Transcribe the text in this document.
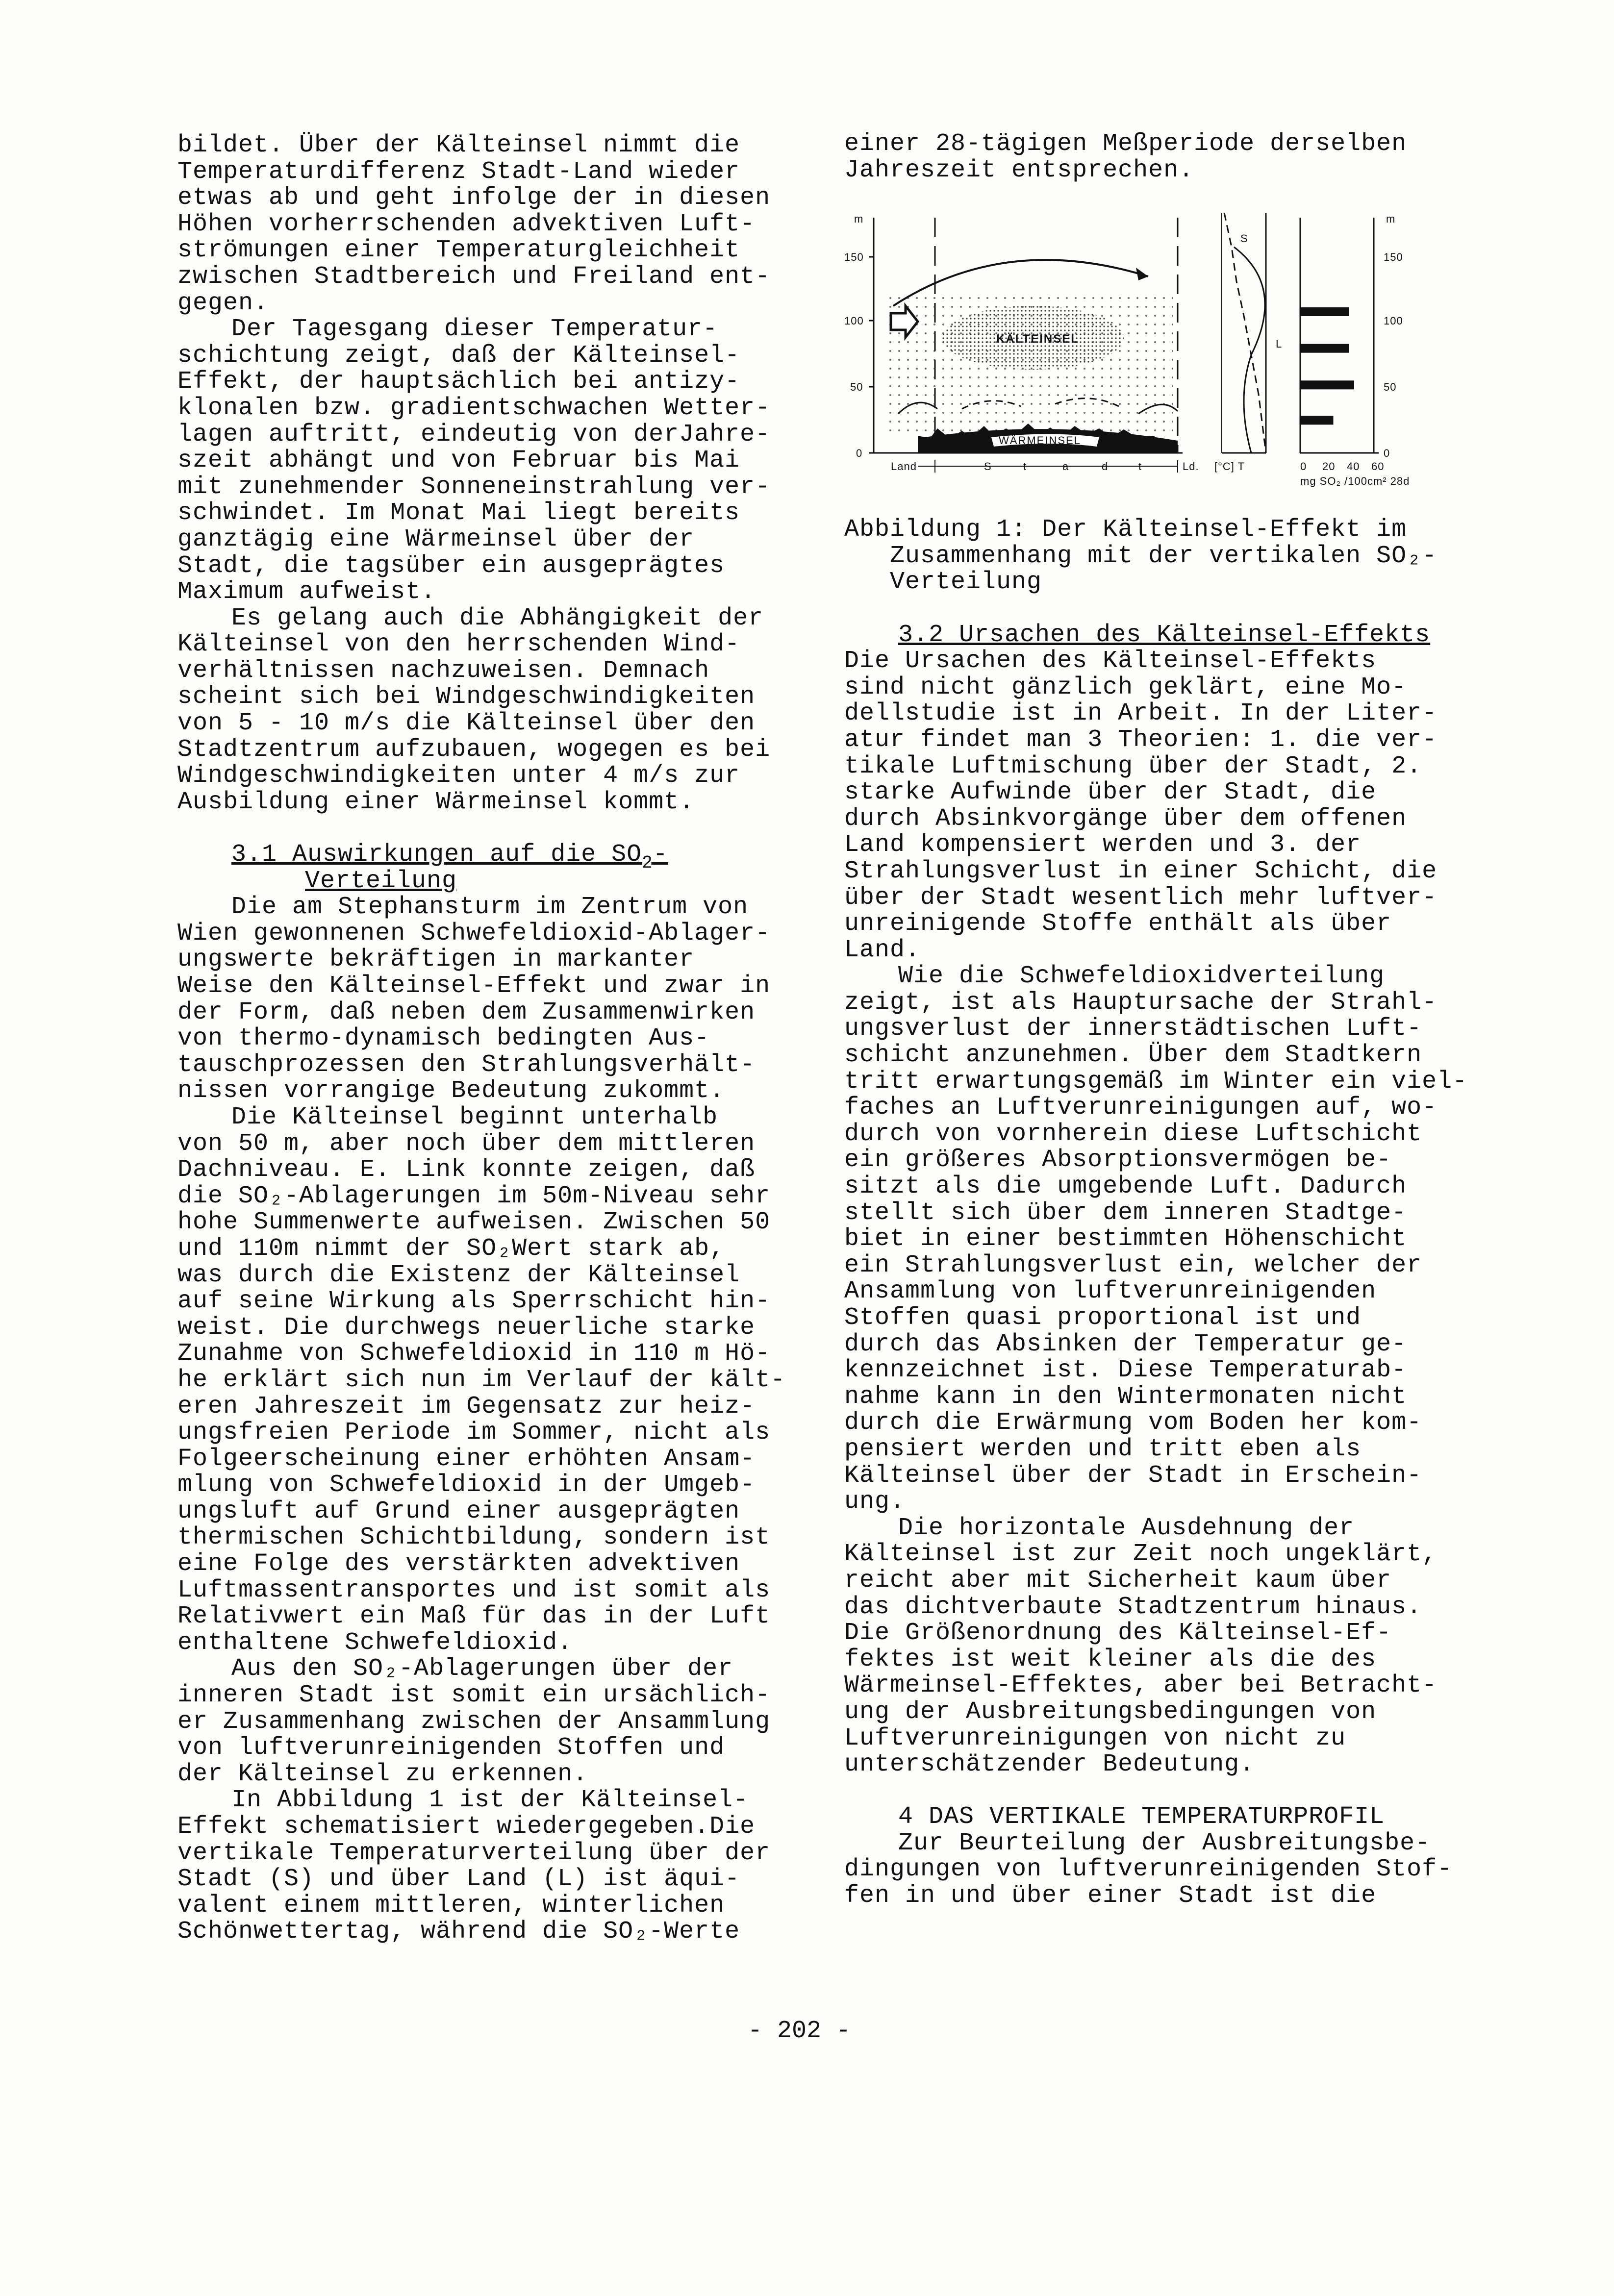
bildet. Über der Kälteinsel nimmt die

Temperaturdifferenz Stadt-Land wieder

etwas ab und geht infolge der in diesen

Höhen vorherrschenden advektiven Luft-

strömungen einer Temperaturgleichheit

zwischen Stadtbereich und Freiland ent-

gegen.

Der Tagesgang dieser Temperatur-

schichtung zeigt, daß der Kälteinsel-

Effekt, der hauptsächlich bei antizy-

klonalen bzw. gradientschwachen Wetter-

lagen auftritt, eindeutig von derJahre-

szeit abhängt und von Februar bis Mai

mit zunehmender Sonneneinstrahlung ver-

schwindet. Im Monat Mai liegt bereits

ganztägig eine Wärmeinsel über der

Stadt, die tagsüber ein ausgeprägtes

Maximum aufweist.

Es gelang auch die Abhängigkeit der

Kälteinsel von den herrschenden Wind-

verhältnissen nachzuweisen. Demnach

scheint sich bei Windgeschwindigkeiten

von 5 - 10 m/s die Kälteinsel über den

Stadtzentrum aufzubauen, wogegen es bei

Windgeschwindigkeiten unter 4 m/s zur

Ausbildung einer Wärmeinsel kommt.

3.1 Auswirkungen auf die $SO_2-$

Verteilung

Die am Stephansturm im Zentrum von

Wien gewonnenen Schwefeldioxid-Ablager-

ungswerte bekräftigen in markanter

Weise den Kälteinsel-Effekt und zwar in

der Form, daß neben dem Zusammenwirken

von thermo-dynamisch bedingten Aus-

tauschprozessen den Strahlungsverhält-

nissen vorrangige Bedeutung zukommt.

Die Kälteinsel beginnt unterhalb

von 50 m, aber noch über dem mittleren

Dachniveau. E. Link konnte zeigen, daß

die SO₂-Ablagerungen im 50m-Niveau sehr

hohe Summenwerte aufweisen. Zwischen 50

und 110m nimmt der SO₂Wert stark ab,

was durch die Existenz der Kälteinsel

auf seine Wirkung als Sperrschicht hin-

weist. Die durchwegs neuerliche starke

Zunahme von Schwefeldioxid in 110 m Hö-

he erklärt sich nun im Verlauf der kält-

eren Jahreszeit im Gegensatz zur heiz-

ungsfreien Periode im Sommer, nicht als

Folgeerscheinung einer erhöhten Ansam-

mlung von Schwefeldioxid in der Umgeb-

ungsluft auf Grund einer ausgeprägten

thermischen Schichtbildung, sondern ist

eine Folge des verstärkten advektiven

Luftmassentransportes und ist somit als

Relativwert ein Maß für das in der Luft

enthaltene Schwefeldioxid.

Aus den SO₂-Ablagerungen über der

inneren Stadt ist somit ein ursächlich-

er Zusammenhang zwischen der Ansammlung

von luftverunreinigenden Stoffen und

der Kälteinsel zu erkennen.

In Abbildung 1 ist der Kälteinsel-

Effekt schematisiert wiedergegeben.Die

vertikale Temperaturverteilung über der

Stadt (S) und über Land (L) ist äqui-

valent einem mittleren, winterlichen

Schönwettertag, während die SO₂-Werte

einer 28-tägigen Meßperiode derselben

Jahreszeit entsprechen.

m
150
100
50
0
KÄLTEINSEL
WÄRMEINSEL
Land	S	t	a	d	t	Ld.
S
L
[°C] T
m
150
100
50
0
0 20 40 60
mg SO₂ /100cm² 28d

Abbildung 1: Der Kälteinsel-Effekt im

Zusammenhang mit der vertikalen SO₂-

Verteilung

3.2 Ursachen des Kälteinsel-Effekts

Die Ursachen des Kälteinsel-Effekts

sind nicht gänzlich geklärt, eine Mo-

dellstudie ist in Arbeit. In der Liter-

atur findet man 3 Theorien: 1. die ver-

tikale Luftmischung über der Stadt, 2.

starke Aufwinde über der Stadt, die

durch Absinkvorgänge über dem offenen

Land kompensiert werden und 3. der

Strahlungsverlust in einer Schicht, die

über der Stadt wesentlich mehr luftver-

unreinigende Stoffe enthält als über

Land.

Wie die Schwefeldioxidverteilung

zeigt, ist als Hauptursache der Strahl-

ungsverlust der innerstädtischen Luft-

schicht anzunehmen. Über dem Stadtkern

tritt erwartungsgemäß im Winter ein viel-

faches an Luftverunreinigungen auf, wo-

durch von vornherein diese Luftschicht

ein größeres Absorptionsvermögen be-

sitzt als die umgebende Luft. Dadurch

stellt sich über dem inneren Stadtge-

biet in einer bestimmten Höhenschicht

ein Strahlungsverlust ein, welcher der

Ansammlung von luftverunreinigenden

Stoffen quasi proportional ist und

durch das Absinken der Temperatur ge-

kennzeichnet ist. Diese Temperaturab-

nahme kann in den Wintermonaten nicht

durch die Erwärmung vom Boden her kom-

pensiert werden und tritt eben als

Kälteinsel über der Stadt in Erschein-

ung.

Die horizontale Ausdehnung der

Kälteinsel ist zur Zeit noch ungeklärt,

reicht aber mit Sicherheit kaum über

das dichtverbaute Stadtzentrum hinaus.

Die Größenordnung des Kälteinsel-Ef-

fektes ist weit kleiner als die des

Wärmeinsel-Effektes, aber bei Betracht-

ung der Ausbreitungsbedingungen von

Luftverunreinigungen von nicht zu

unterschätzender Bedeutung.

4 DAS VERTIKALE TEMPERATURPROFIL

Zur Beurteilung der Ausbreitungsbe-

dingungen von luftverunreinigenden Stof-

fen in und über einer Stadt ist die

- 202 -
